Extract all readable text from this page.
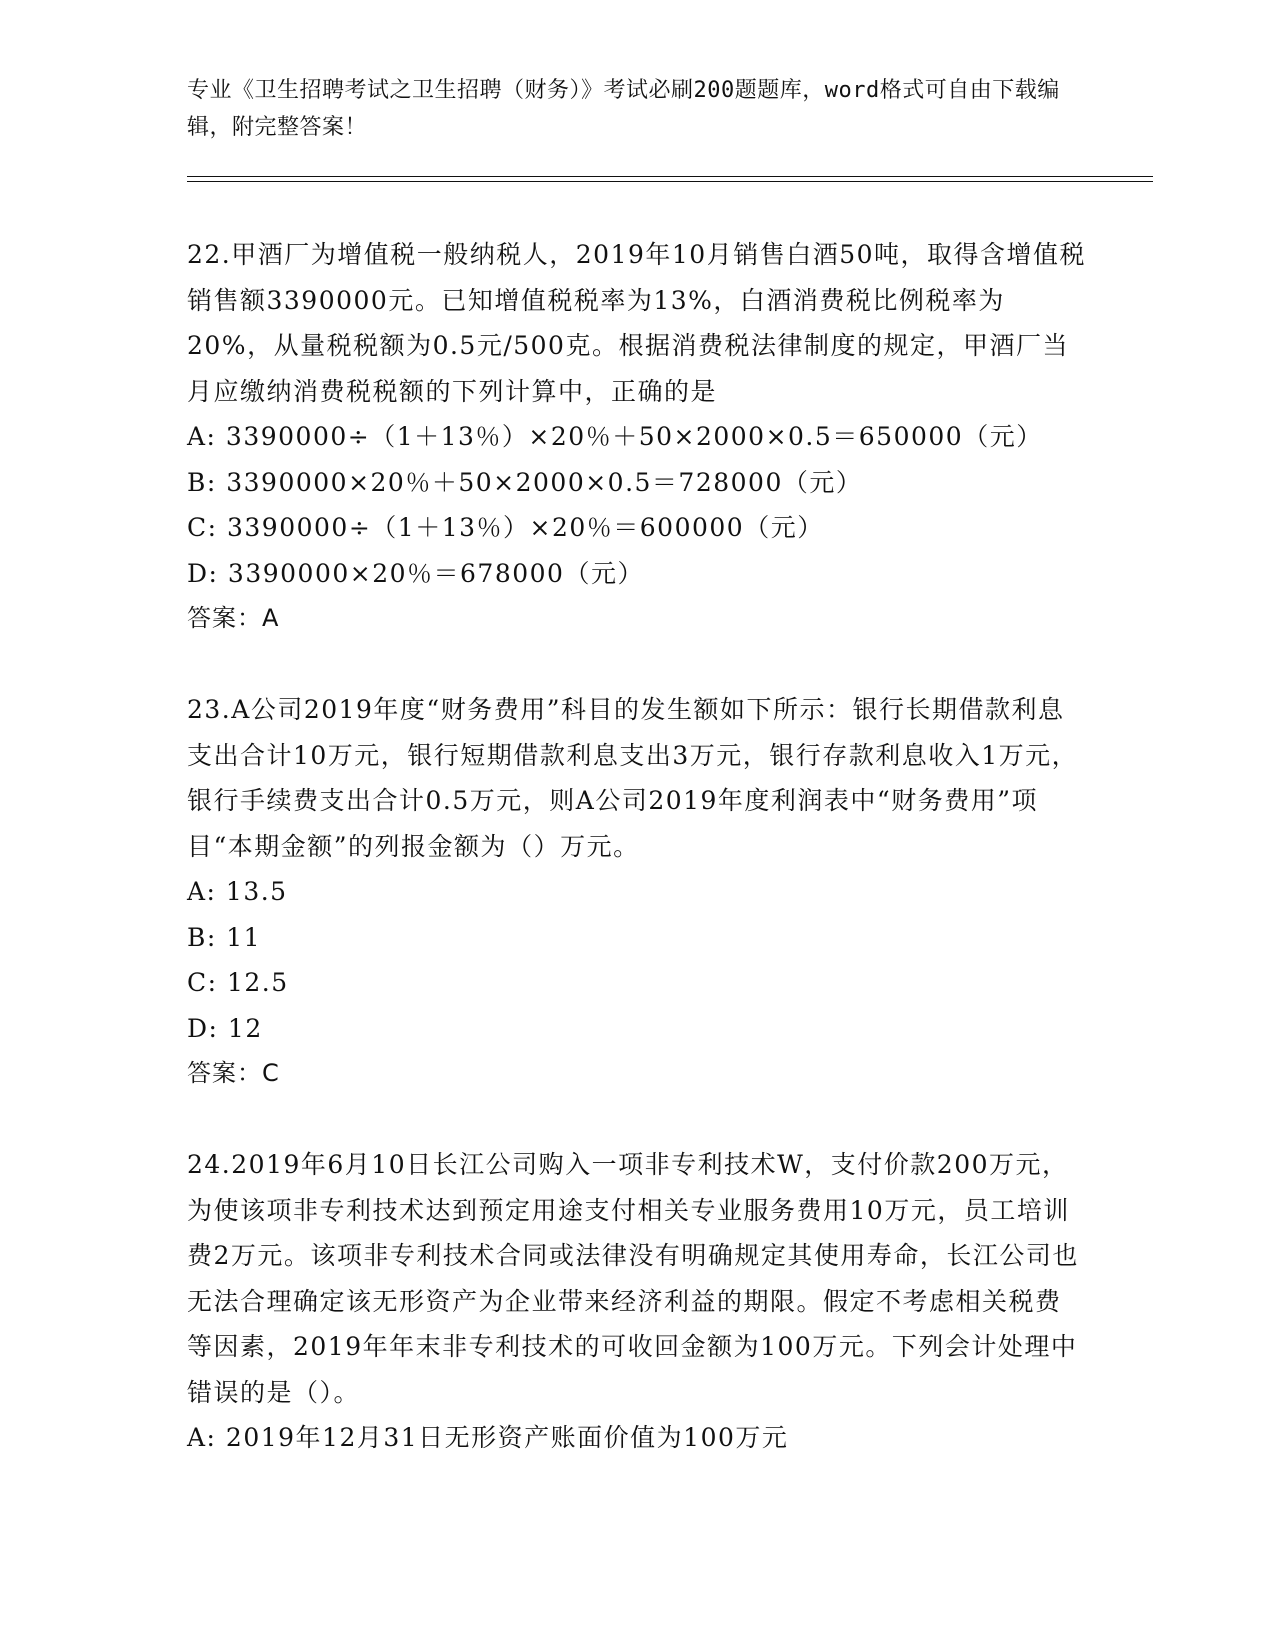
专业《卫生招聘考试之卫生招聘（财务）》考试必刷200题题库，word格式可自由下载编辑，附完整答案！

22.甲酒厂为增值税一般纳税人，2019年10月销售白酒50吨，取得含增值税销售额3390000元。已知增值税税率为13%，白酒消费税比例税率为20%，从量税税额为0.5元/500克。根据消费税法律制度的规定，甲酒厂当月应缴纳消费税税额的下列计算中，正确的是

A: 3390000÷（1＋13％）×20％＋50×2000×0.5＝650000（元）

B: 3390000×20％＋50×2000×0.5＝728000（元）

C: 3390000÷（1＋13％）×20％＝600000（元）

D: 3390000×20％＝678000（元）

答案：A

23.A公司2019年度“财务费用”科目的发生额如下所示：银行长期借款利息支出合计10万元，银行短期借款利息支出3万元，银行存款利息收入1万元，银行手续费支出合计0.5万元，则A公司2019年度利润表中“财务费用”项目“本期金额”的列报金额为（）万元。

A: 13.5

B: 11

C: 12.5

D: 12

答案：C

24.2019年6月10日长江公司购入一项非专利技术W，支付价款200万元，为使该项非专利技术达到预定用途支付相关专业服务费用10万元，员工培训费2万元。该项非专利技术合同或法律没有明确规定其使用寿命，长江公司也无法合理确定该无形资产为企业带来经济利益的期限。假定不考虑相关税费等因素，2019年年末非专利技术的可收回金额为100万元。下列会计处理中错误的是（）。

A: 2019年12月31日无形资产账面价值为100万元
